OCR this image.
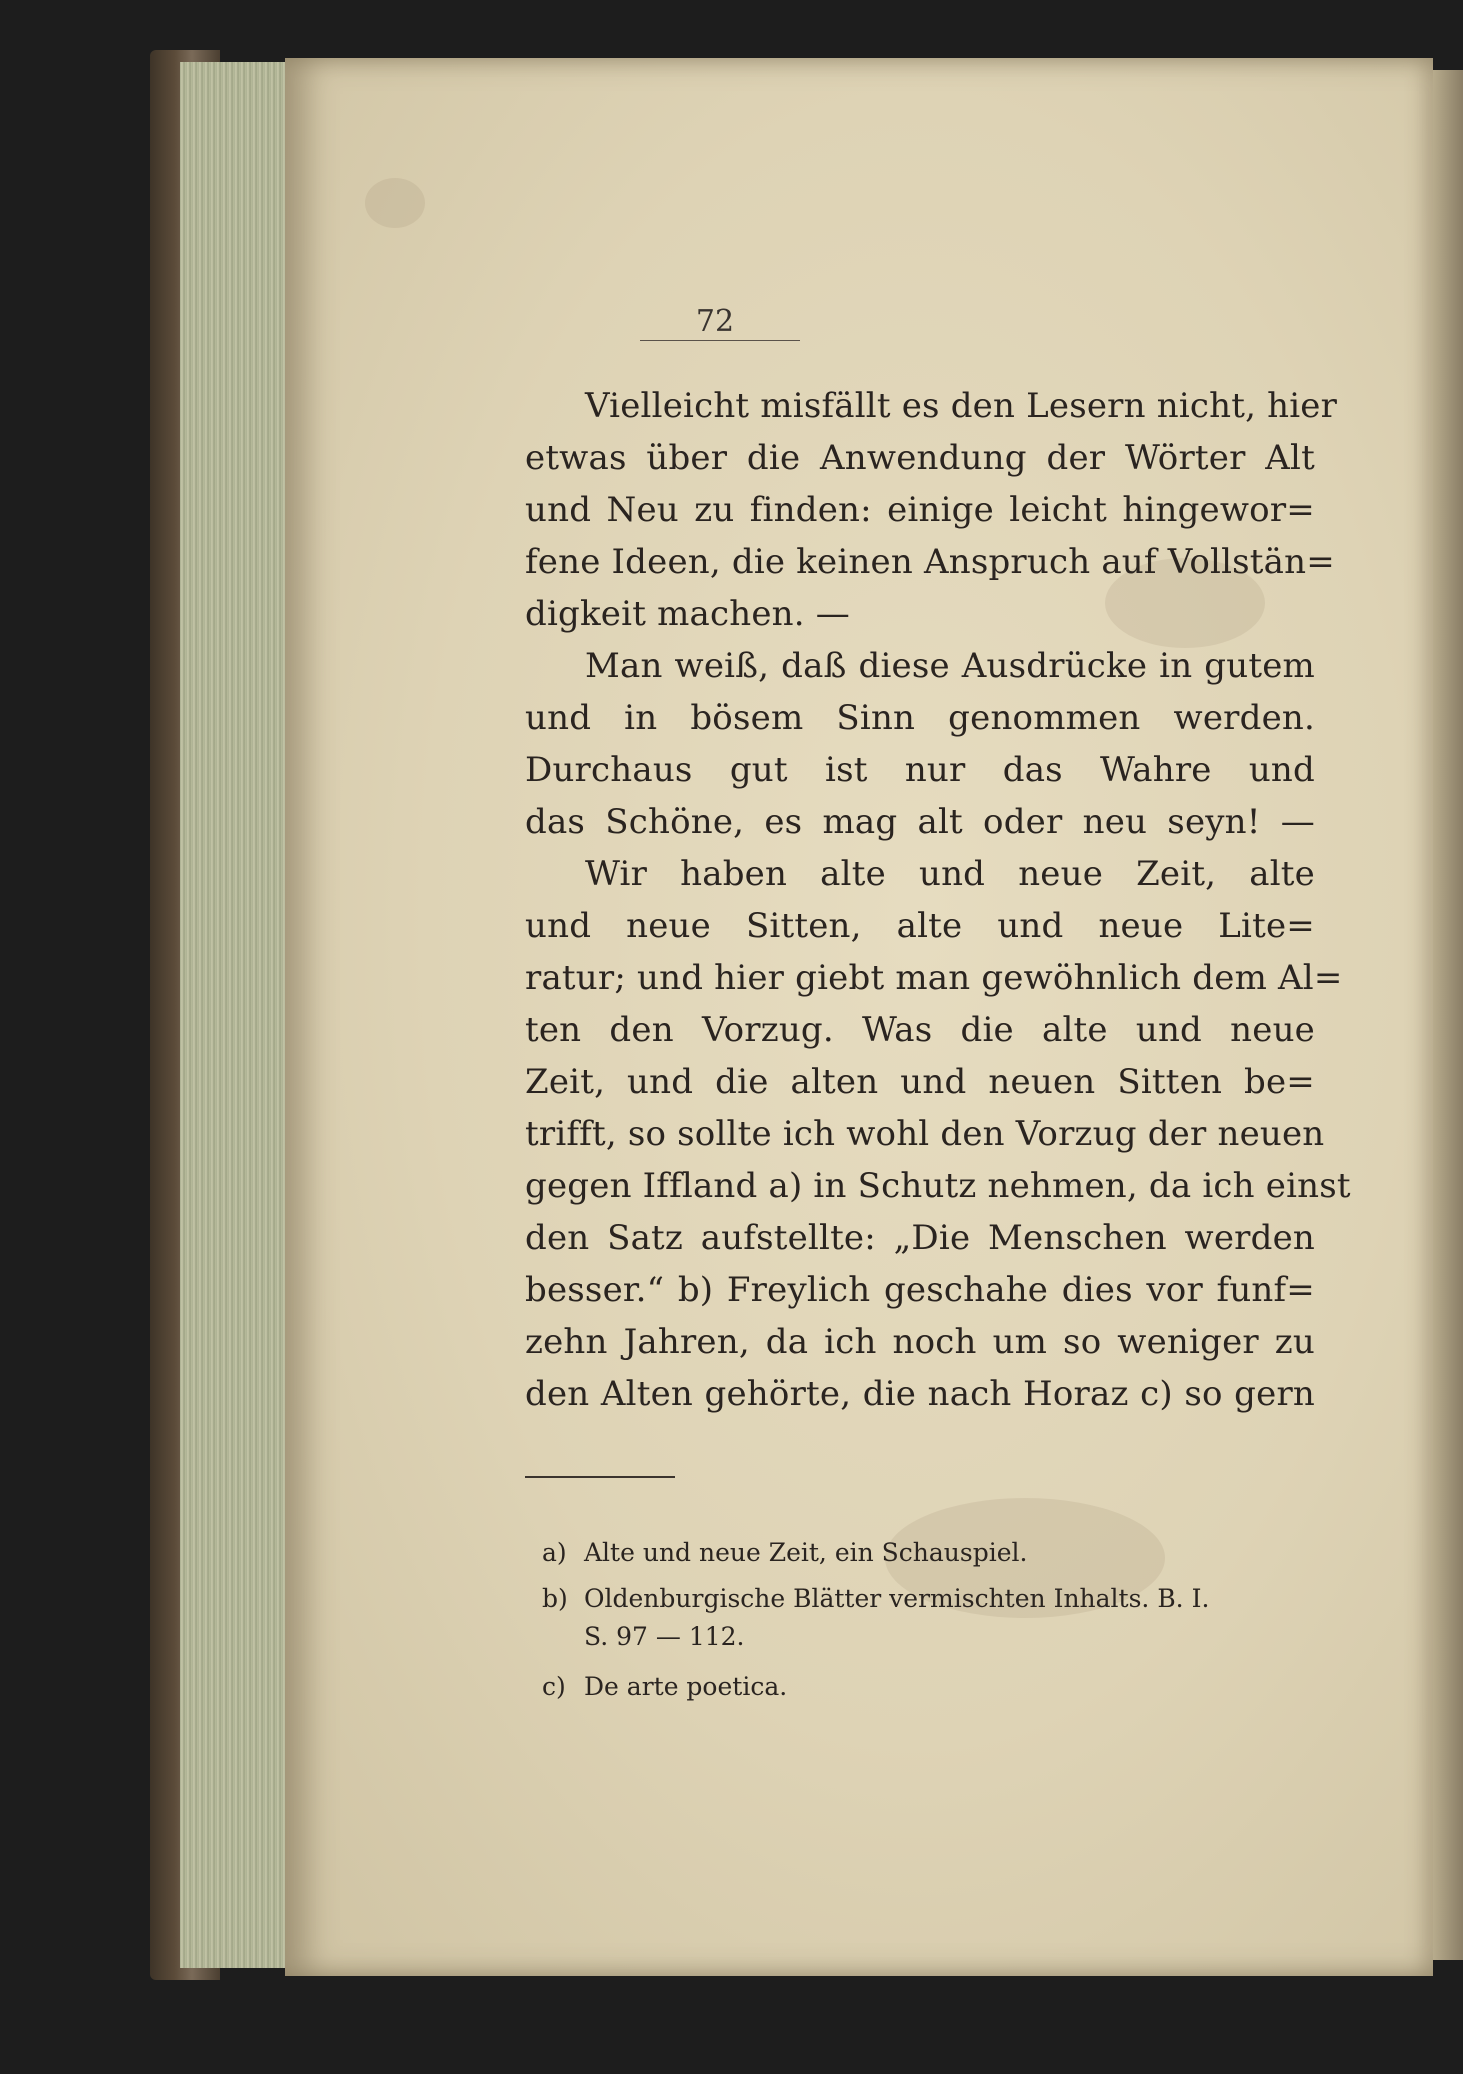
72
Vielleicht misfällt es den Lesern nicht, hier
etwas über die Anwendung der Wörter Alt
und Neu zu finden: einige leicht hingewor=
fene Ideen, die keinen Anspruch auf Vollstän=
digkeit machen. —
Man weiß, daß diese Ausdrücke in gutem
und in bösem Sinn genommen werden.
Durchaus gut ist nur das Wahre und
das Schöne, es mag alt oder neu seyn! —
Wir haben alte und neue Zeit, alte
und neue Sitten, alte und neue Lite=
ratur; und hier giebt man gewöhnlich dem Al=
ten den Vorzug. Was die alte und neue
Zeit, und die alten und neuen Sitten be=
trifft, so sollte ich wohl den Vorzug der neuen
gegen Iffland a) in Schutz nehmen, da ich einst
den Satz aufstellte: „Die Menschen werden
besser.“ b) Freylich geschahe dies vor funf=
zehn Jahren, da ich noch um so weniger zu
den Alten gehörte, die nach Horaz c) so gern
a) Alte und neue Zeit, ein Schauspiel.
b) Oldenburgische Blätter vermischten Inhalts. B. I.
S. 97 — 112.
c) De arte poetica.
